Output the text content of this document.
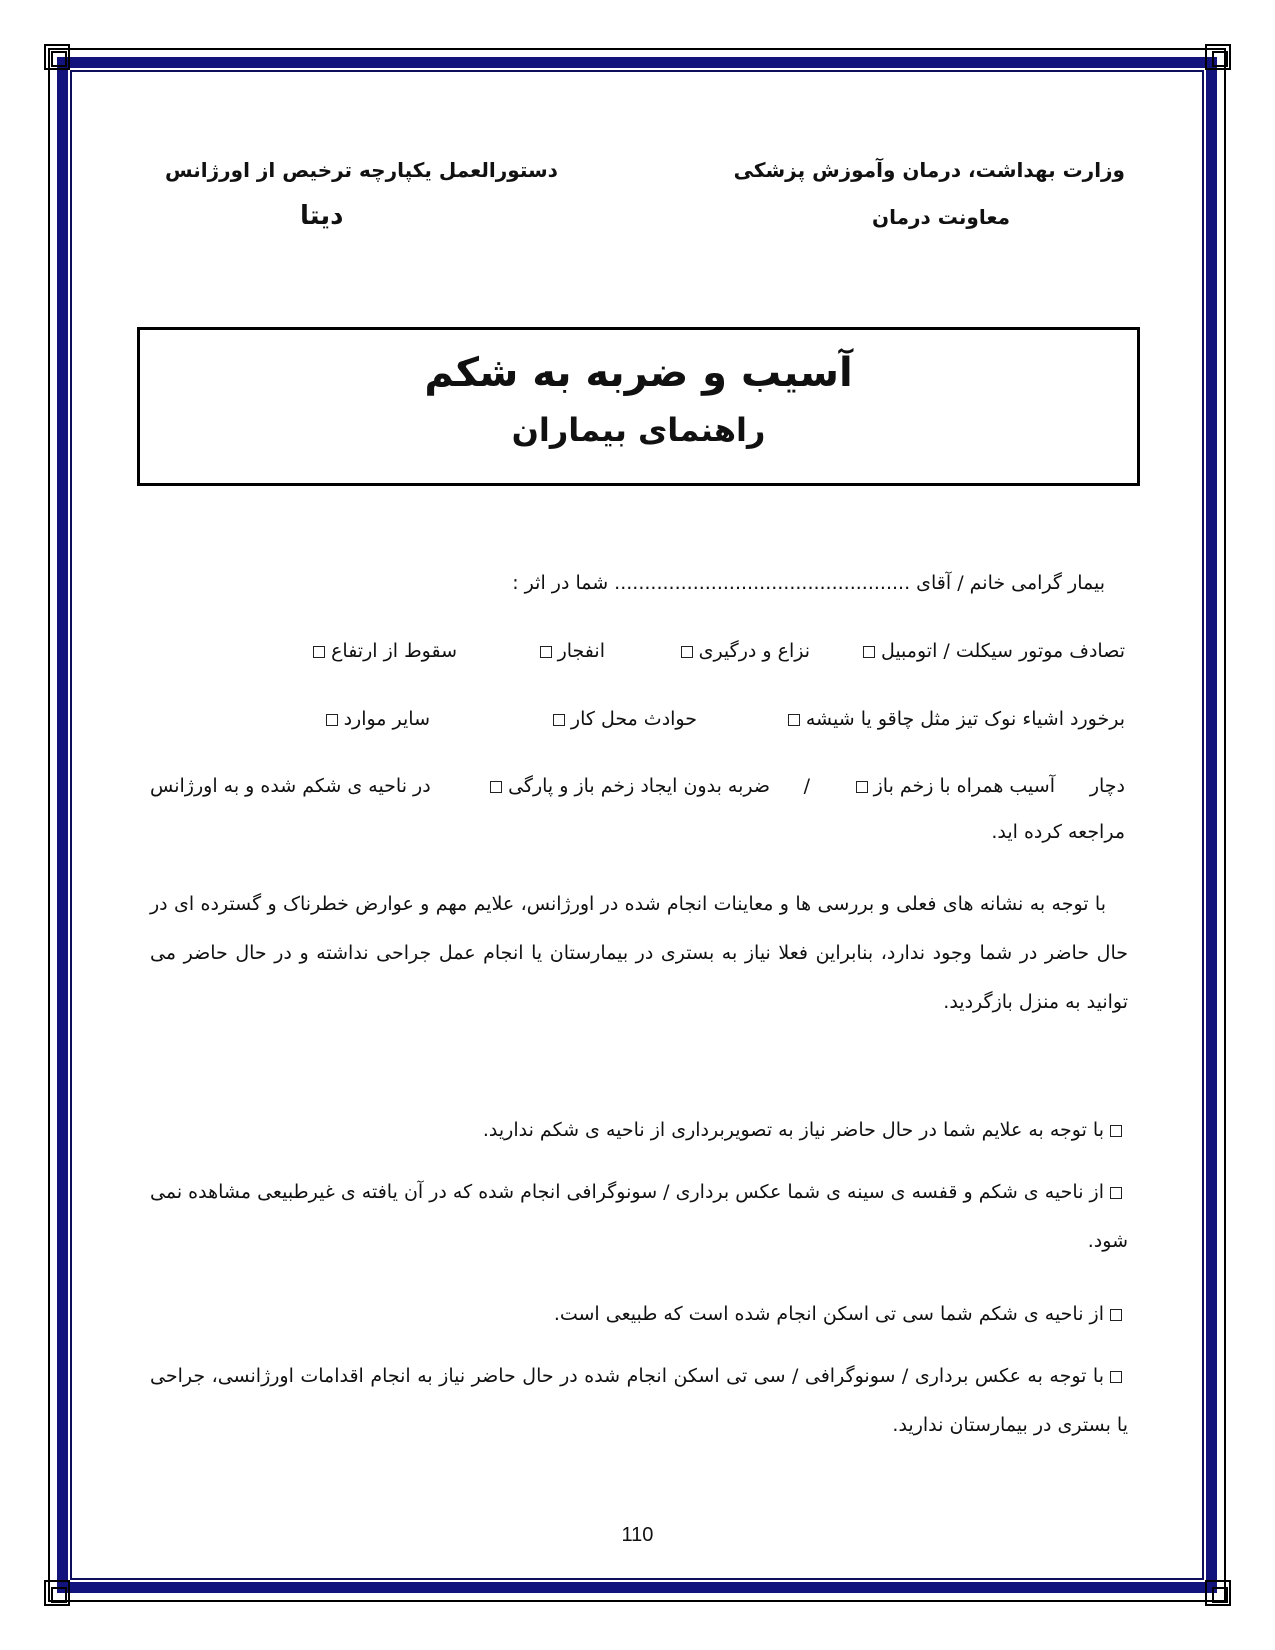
وزارت بهداشت، درمان وآموزش پزشکی
معاونت درمان
دستورالعمل یکپارچه ترخیص از اورژانس
دیتا
آسیب و ضربه به شکم
راهنمای بیماران
بیمار گرامی خانم / آقای ................................................. شما در اثر :
تصادف موتور سیکلت / اتومبیل
نزاع و درگیری
انفجار
سقوط از ارتفاع
برخورد اشیاء نوک تیز مثل چاقو یا شیشه
حوادث محل کار
سایر موارد
دچار
آسیب همراه با زخم باز
/
ضربه بدون ایجاد زخم باز و پارگی
در ناحیه ی شکم شده و به اورژانس
مراجعه کرده اید.
با توجه به نشانه های فعلی و بررسی ها و معاینات انجام شده در اورژانس، علایم مهم و عوارض خطرناک و گسترده ای در حال حاضر در شما وجود ندارد، بنابراین فعلا نیاز به بستری در بیمارستان یا انجام عمل جراحی نداشته و در حال حاضر می توانید به منزل بازگردید.
با توجه به علایم شما در حال حاضر نیاز به تصویربرداری از ناحیه ی شکم ندارید.
از ناحیه ی شکم و قفسه ی سینه ی شما عکس برداری / سونوگرافی انجام شده که در آن یافته ی غیرطبیعی مشاهده نمی شود.
از ناحیه ی شکم شما سی تی اسکن انجام شده است که طبیعی است.
با توجه به عکس برداری / سونوگرافی / سی تی اسکن انجام شده در حال حاضر نیاز به انجام اقدامات اورژانسی، جراحی یا بستری در بیمارستان ندارید.
110
